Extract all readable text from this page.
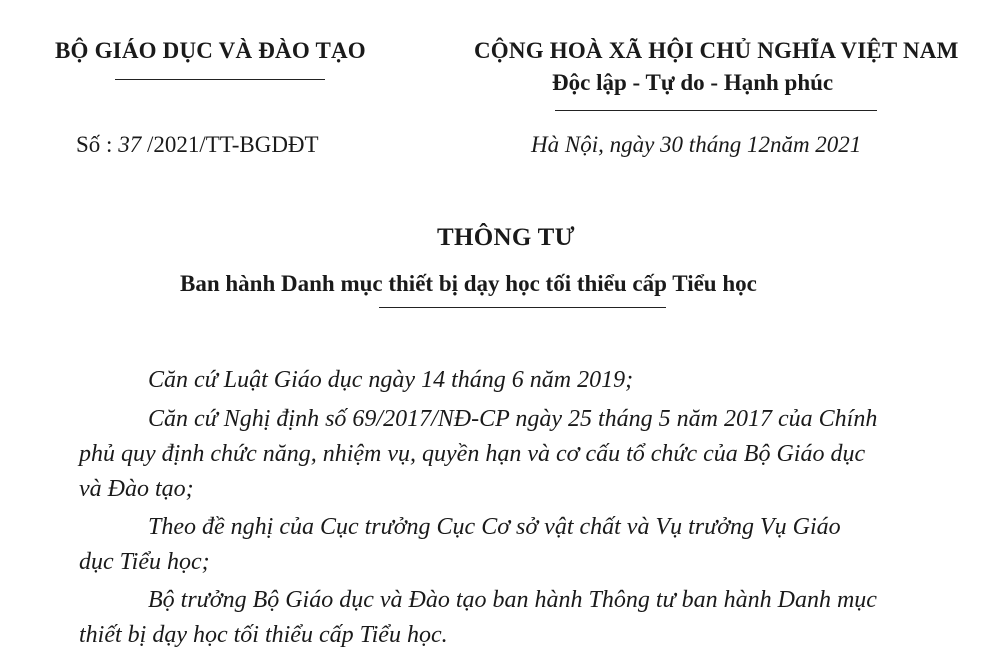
BỘ GIÁO DỤC VÀ ĐÀO TẠO	CỘNG HOÀ XÃ HỘI CHỦ NGHĨA VIỆT NAM
Độc lập - Tự do - Hạnh phúc
Số : 37 /2021/TT-BGDĐT	Hà Nội, ngày 30 tháng 12năm 2021
THÔNG TƯ
Ban hành Danh mục thiết bị dạy học tối thiểu cấp Tiểu học
Căn cứ Luật Giáo dục ngày 14 tháng 6 năm 2019;
Căn cứ Nghị định số 69/2017/NĐ-CP ngày 25 tháng 5 năm 2017 của Chính
phủ quy định chức năng, nhiệm vụ, quyền hạn và cơ cấu tổ chức của Bộ Giáo dục
và Đào tạo;
Theo đề nghị của Cục trưởng Cục Cơ sở vật chất và Vụ trưởng Vụ Giáo
dục Tiểu học;
Bộ trưởng Bộ Giáo dục và Đào tạo ban hành Thông tư ban hành Danh mục
thiết bị dạy học tối thiểu cấp Tiểu học.
